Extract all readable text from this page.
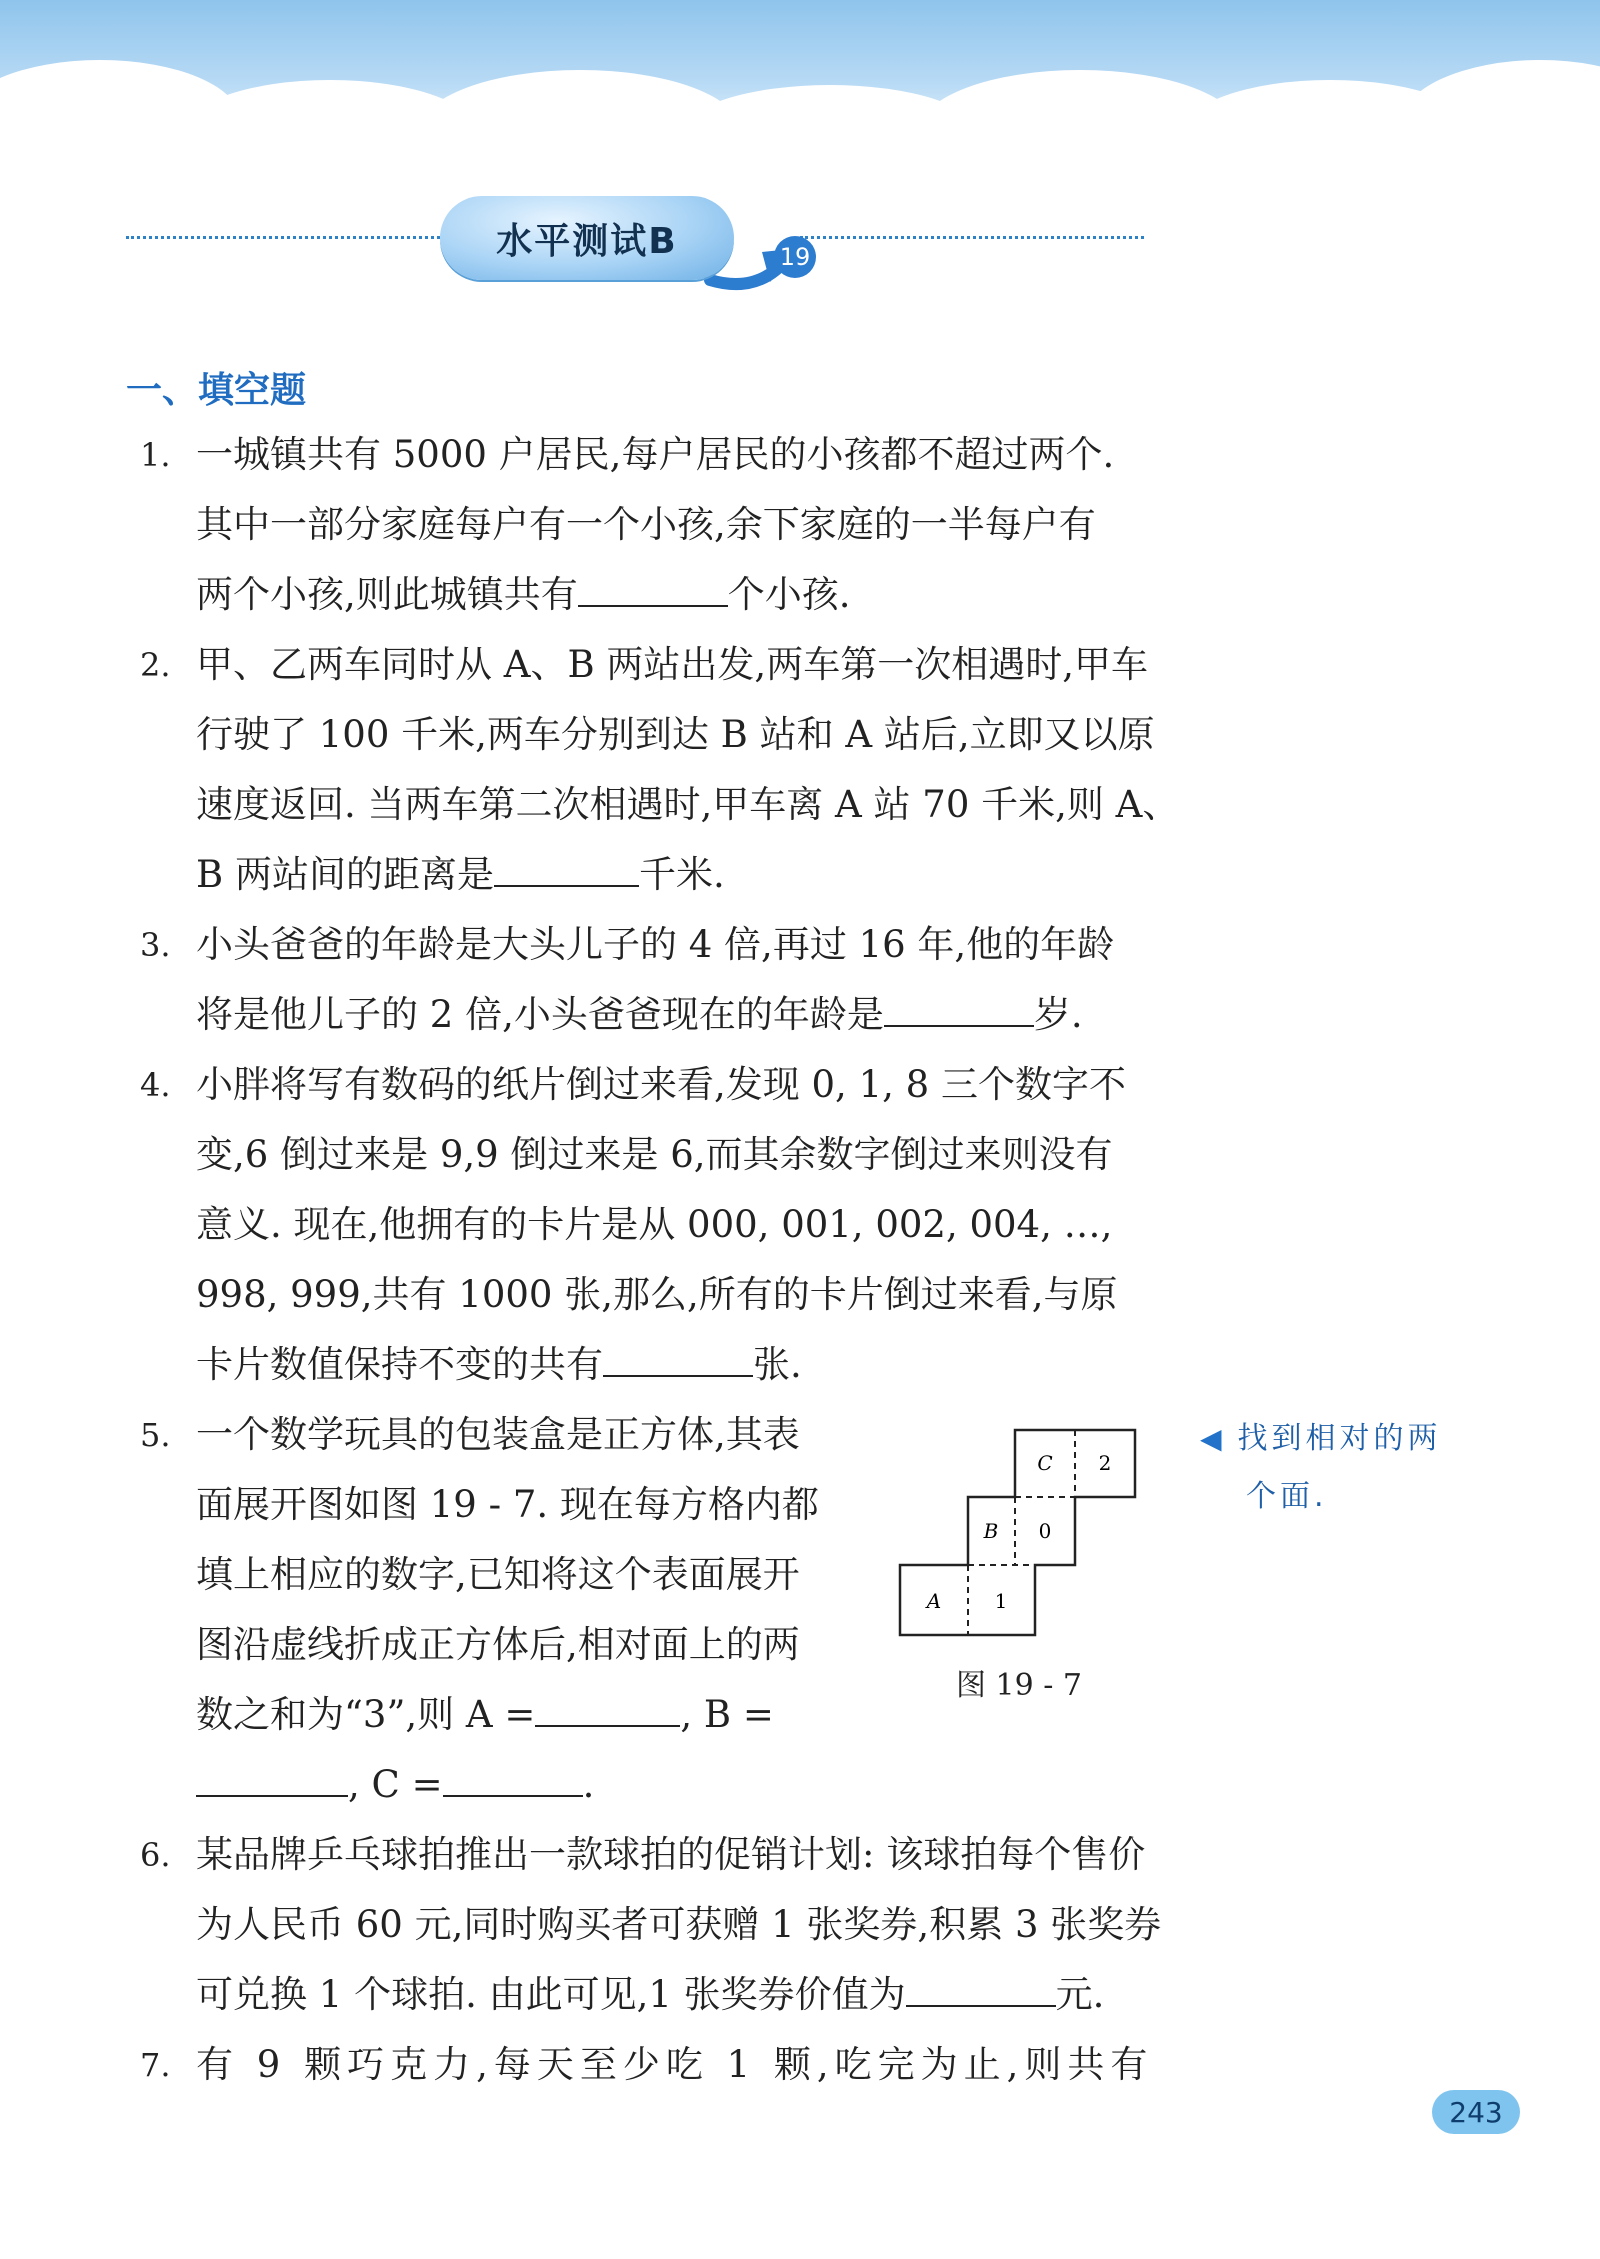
水平测试B	19
一、填空题
1. 一城镇共有 5000 户居民,每户居民的小孩都不超过两个.
其中一部分家庭每户有一个小孩,余下家庭的一半每户有
两个小孩,则此城镇共有	个小孩.
2. 甲、乙两车同时从 A、B 两站出发,两车第一次相遇时,甲车
行驶了 100 千米,两车分别到达 B 站和 A 站后,立即又以原
速度返回. 当两车第二次相遇时,甲车离 A 站 70 千米,则 A、
B 两站间的距离是	千米.
3. 小头爸爸的年龄是大头儿子的 4 倍,再过 16 年,他的年龄
将是他儿子的 2 倍,小头爸爸现在的年龄是	岁.
4. 小胖将写有数码的纸片倒过来看,发现 0, 1, 8 三个数字不
变,6 倒过来是 9,9 倒过来是 6,而其余数字倒过来则没有
意义. 现在,他拥有的卡片是从 000, 001, 002, 004, …,
998, 999,共有 1000 张,那么,所有的卡片倒过来看,与原
卡片数值保持不变的共有	张.
5. 一个数学玩具的包装盒是正方体,其表
面展开图如图 19 - 7. 现在每方格内都
填上相应的数字,已知将这个表面展开
图沿虚线折成正方体后,相对面上的两
数之和为“3”,则 A =	, B =
, C =	.
C 2
B 0
A	1
图 19 - 7
◀ 找到相对的两
个面.
6. 某品牌乒乓球拍推出一款球拍的促销计划: 该球拍每个售价
为人民币 60 元,同时购买者可获赠 1 张奖券,积累 3 张奖券
可兑换 1 个球拍. 由此可见,1 张奖券价值为	元.
7. 有 9 颗巧克力,每天至少吃 1 颗,吃完为止,则共有
243
